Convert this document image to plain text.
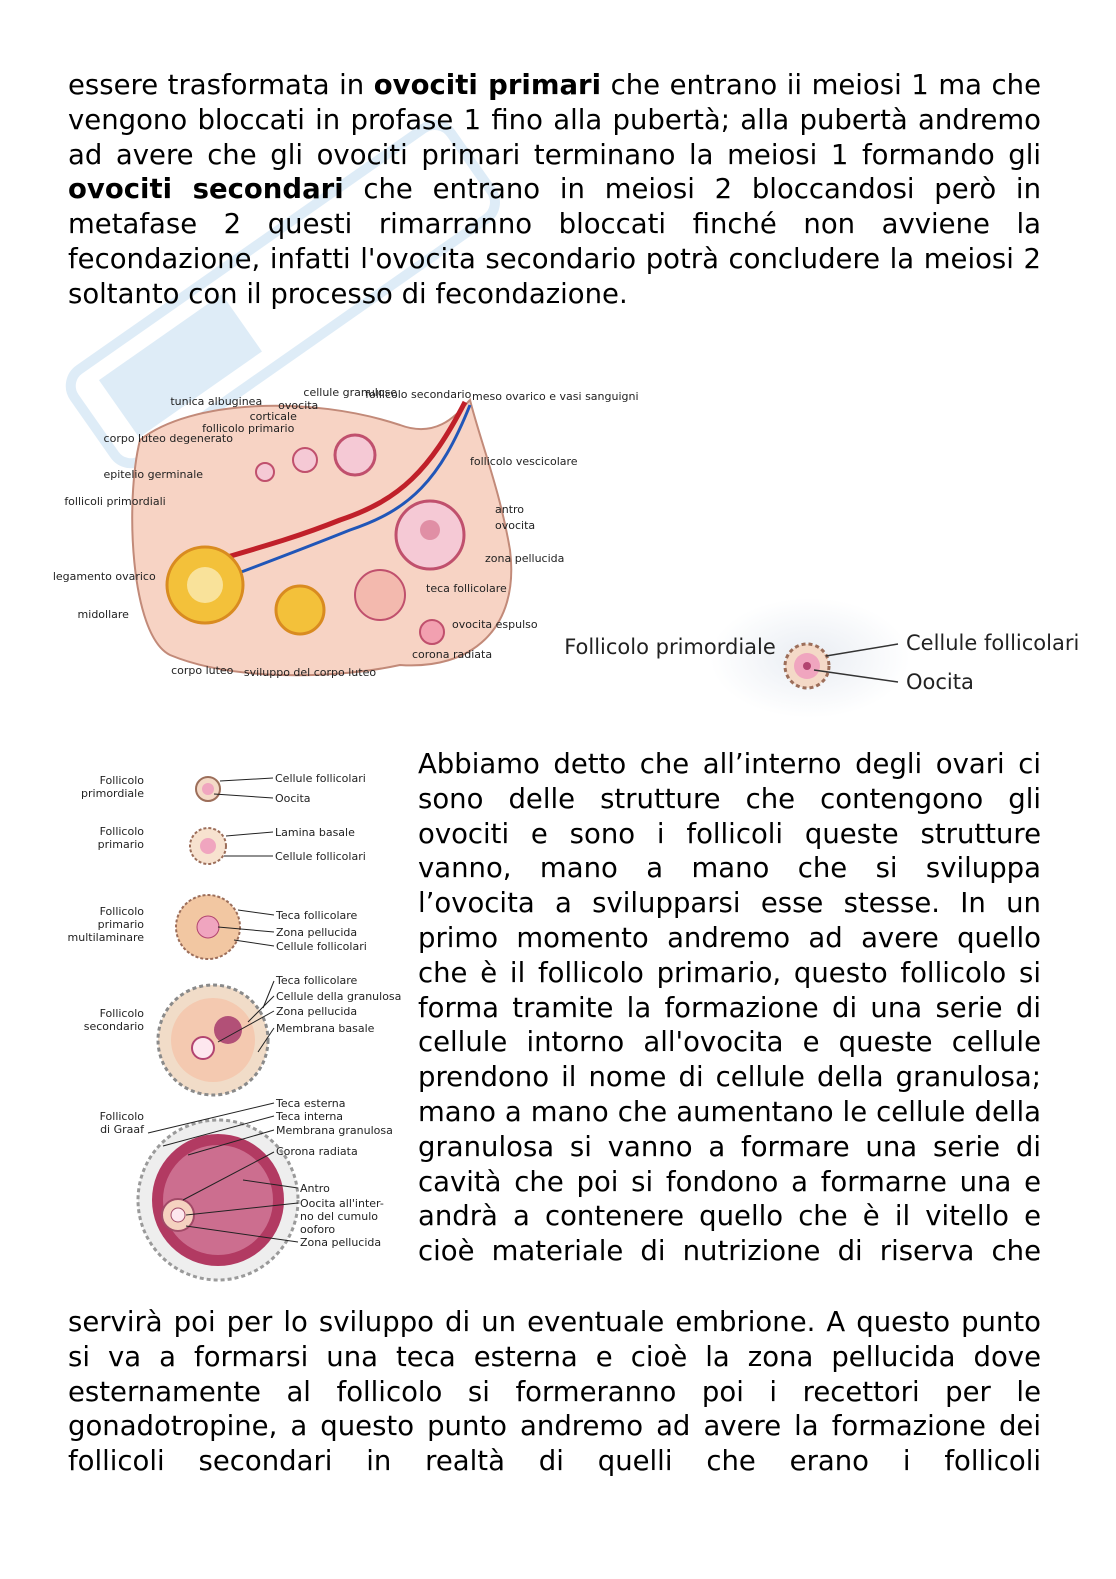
essere trasformata in ovociti primari che entrano ii meiosi 1 ma che vengono bloccati in profase 1 fino alla pubertà; alla pubertà andremo ad avere che gli ovociti primari terminano la meiosi 1 formando gli ovociti secondari che entrano in meiosi 2 bloccandosi però in metafase 2 questi rimarranno bloccati finché non avviene la fecondazione, infatti l'ovocita secondario potrà concludere la meiosi 2 soltanto con il processo di fecondazione.

tunica albuginea ovocita cellule granulose follicolo secondario corticale follicolo primario corpo luteo degenerato epitelio germinale follicoli primordiali
meso ovarico e vasi sanguigni follicolo vescicolare antro ovocita zona pellucida teca follicolare ovocita espulso corona radiata
legamento ovarico midollare corpo luteo sviluppo del corpo luteo
Follicolo primordiale	Cellule follicolari Oocita
Follicolo primordiale
Follicolo primario
Follicolo primario multilaminare
Follicolo secondario
Follicolo di Graaf
Cellule follicolari
Oocita
Lamina basale
Cellule follicolari
Teca follicolare
Zona pellucida
Cellule follicolari
Teca follicolare
Cellule della granulosa
Zona pellucida
Membrana basale
Teca esterna
Teca interna
Membrana granulosa
Corona radiata
Antro
Oocita all'inter-no del cumulo ooforo
Zona pellucida

Abbiamo detto che all’interno degli ovari ci sono delle strutture che contengono gli ovociti e sono i follicoli queste strutture vanno, mano a mano che si sviluppa l’ovocita a svilupparsi esse stesse. In un primo momento andremo ad avere quello che è il follicolo primario, questo follicolo si forma tramite la formazione di una serie di cellule intorno all'ovocita e queste cellule prendono il nome di cellule della granulosa; mano a mano che aumentano le cellule della granulosa si vanno a formare una serie di cavità che poi si fondono a formarne una e andrà a contenere quello che è il vitello e cioè materiale di nutrizione di riserva che

servirà poi per lo sviluppo di un eventuale embrione. A questo punto si va a formarsi una teca esterna e cioè la zona pellucida dove esternamente al follicolo si formeranno poi i recettori per le gonadotropine, a questo punto andremo ad avere la formazione dei follicoli secondari in realtà di quelli che erano i follicoli
